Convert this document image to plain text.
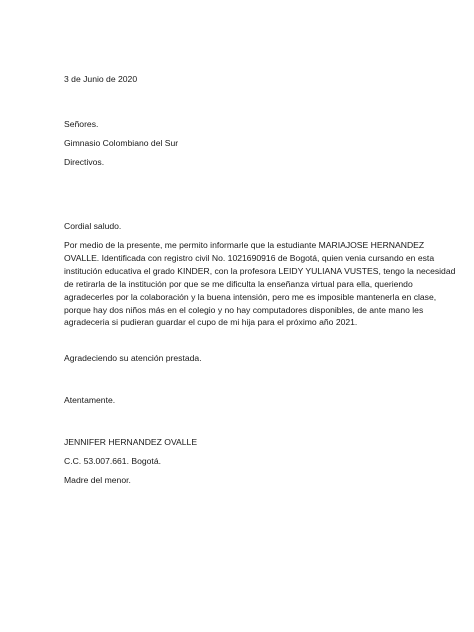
3 de Junio de 2020
Señores.
Gimnasio Colombiano del Sur
Directivos.
Cordial saludo.
Por medio de la presente, me permito informarle que la estudiante MARIAJOSE HERNANDEZ
OVALLE. Identificada con registro civil No. 1021690916 de Bogotá, quien venia cursando en esta
institución educativa el grado KINDER, con la profesora LEIDY YULIANA VUSTES, tengo la necesidad
de retirarla de la institución por que se me dificulta la enseñanza virtual para ella, queriendo
agradecerles por la colaboración y la buena intensión, pero me es imposible mantenerla en clase,
porque hay dos niños más en el colegio y no hay computadores disponibles, de ante mano les
agradeceria si pudieran guardar el cupo de mi hija para el próximo año 2021.
Agradeciendo su atención prestada.
Atentamente.
JENNIFER HERNANDEZ OVALLE
C.C. 53.007.661. Bogotá.
Madre del menor.
